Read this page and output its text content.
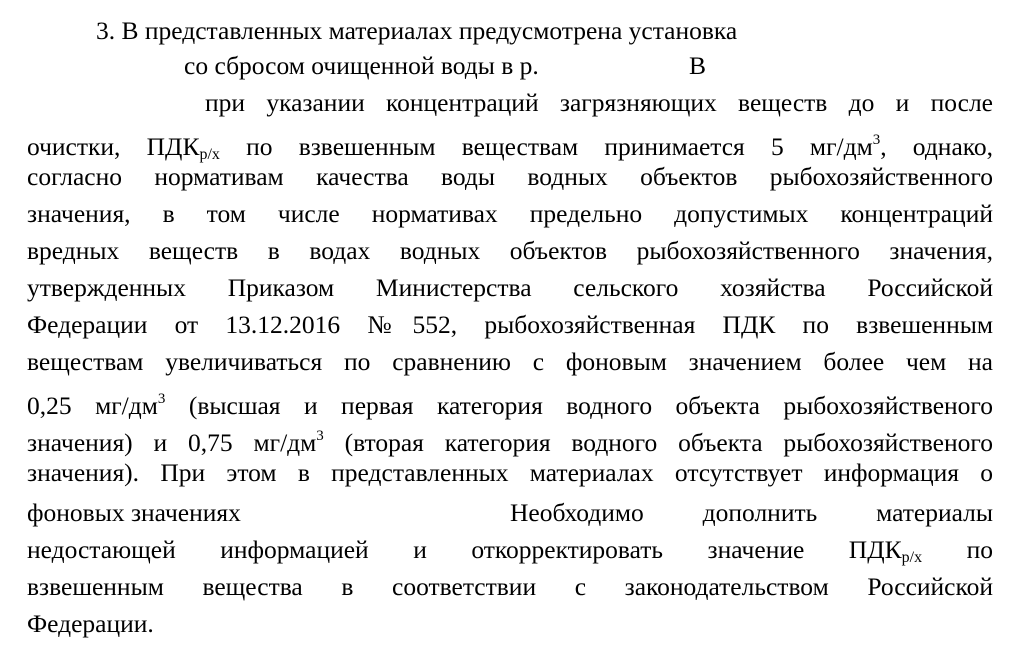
3. В представленных материалах предусмотрена установка
со сбросом очищенной воды в р.	В
при указании концентраций загрязняющих веществ до и после
очистки, $ПДК_{р/х}$ по взвешенным веществам принимается 5 $мг/дм^3$, однако,
согласно нормативам качества воды водных объектов рыбохозяйственного
значения, в том числе нормативах предельно допустимых концентраций
вредных веществ в водах водных объектов рыбохозяйственного значения,
утвержденных Приказом Министерства сельского хозяйства Российской
Федерации от 13.12.2016 №552, рыбохозяйственная ПДК по взвешенным
веществам увеличиваться по сравнению с фоновым значением более чем на
0,25 $мг/дм^3$ (высшая и первая категория водного объекта рыбохозяйственого
значения) и 0,75 $мг/дм^3$ (вторая категория водного объекта рыбохозяйственого
значения). При этом в представленных материалах отсутствует информация о
фоновых значениях	Необходимо дополнить материалы
недостающей информацией и откорректировать значение $ПДК_{р/х}$ по
взвешенным вещества в соответствии с законодательством Российской
Федерации.
